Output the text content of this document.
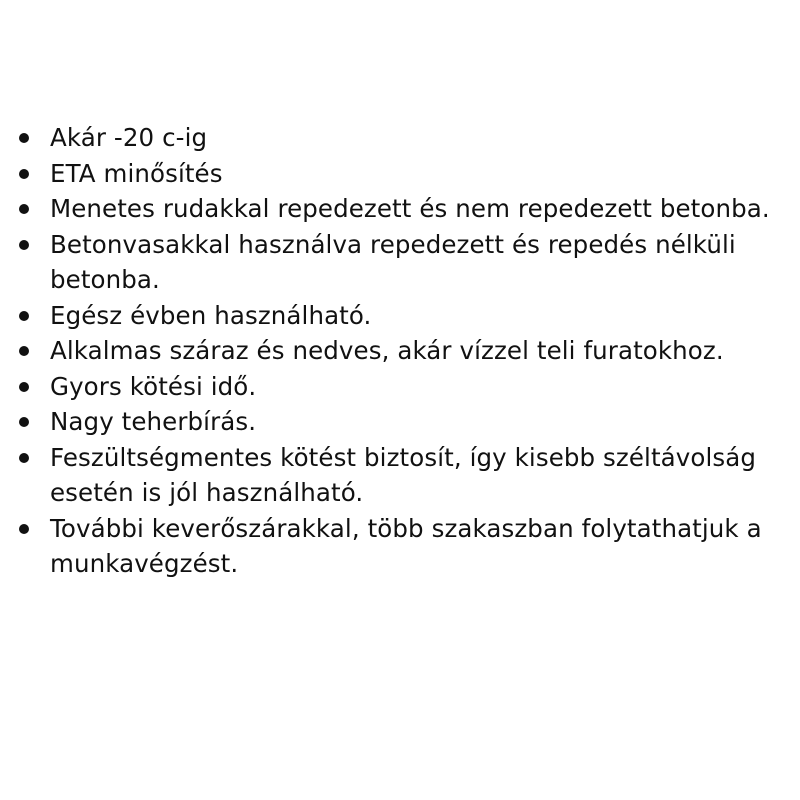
Akár -20 c-ig
ETA minősítés
Menetes rudakkal repedezett és nem repedezett betonba.
Betonvasakkal használva repedezett és repedés nélküli betonba.
Egész évben használható.
Alkalmas száraz és nedves, akár vízzel teli furatokhoz.
Gyors kötési idő.
Nagy teherbírás.
Feszültségmentes kötést biztosít, így kisebb széltávolság esetén is jól használható.
További keverőszárakkal, több szakaszban folytathatjuk a munkavégzést.
